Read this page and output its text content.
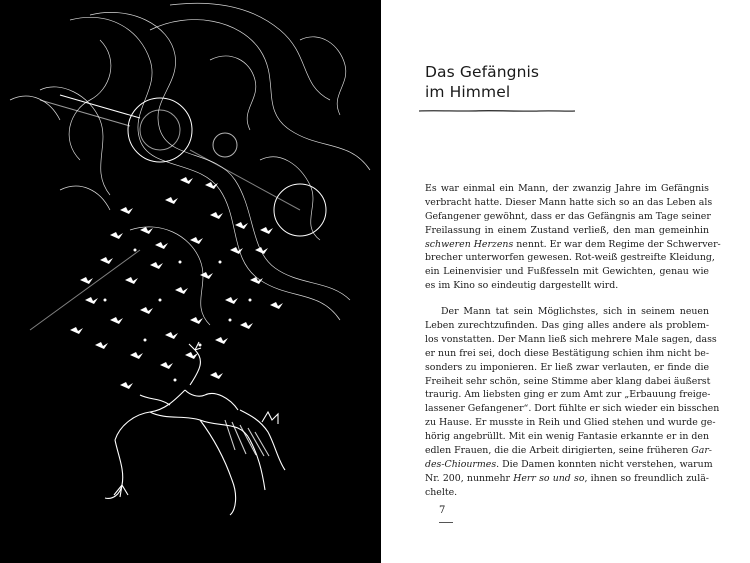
Das Gefängnis
im Himmel
Es war einmal ein Mann, der zwanzig Jahre im Gefängnis
verbracht hatte. Dieser Mann hatte sich so an das Leben als
Gefangener gewöhnt, dass er das Gefängnis am Tage seiner
Freilassung in einem Zustand verließ, den man gemeinhin
schweren Herzens nennt. Er war dem Regime der Schwerver-
brecher unterworfen gewesen. Rot-weiß gestreifte Kleidung,
ein Leinenvisier und Fußfesseln mit Gewichten, genau wie
es im Kino so eindeutig dargestellt wird.
Der Mann tat sein Möglichstes, sich in seinem neuen
Leben zurechtzufinden. Das ging alles andere als problem-
los vonstatten. Der Mann ließ sich mehrere Male sagen, dass
er nun frei sei, doch diese Bestätigung schien ihm nicht be-
sonders zu imponieren. Er ließ zwar verlauten, er finde die
Freiheit sehr schön, seine Stimme aber klang dabei äußerst
traurig. Am liebsten ging er zum Amt zur „Erbauung freige-
lassener Gefangener“. Dort fühlte er sich wieder ein bisschen
zu Hause. Er musste in Reih und Glied stehen und wurde ge-
hörig angebrüllt. Mit ein wenig Fantasie erkannte er in den
edlen Frauen, die die Arbeit dirigierten, seine früheren Gar-
des-Chiourmes. Die Damen konnten nicht verstehen, warum
Nr. 200, nunmehr Herr so und so, ihnen so freundlich zulä-
chelte.
7
